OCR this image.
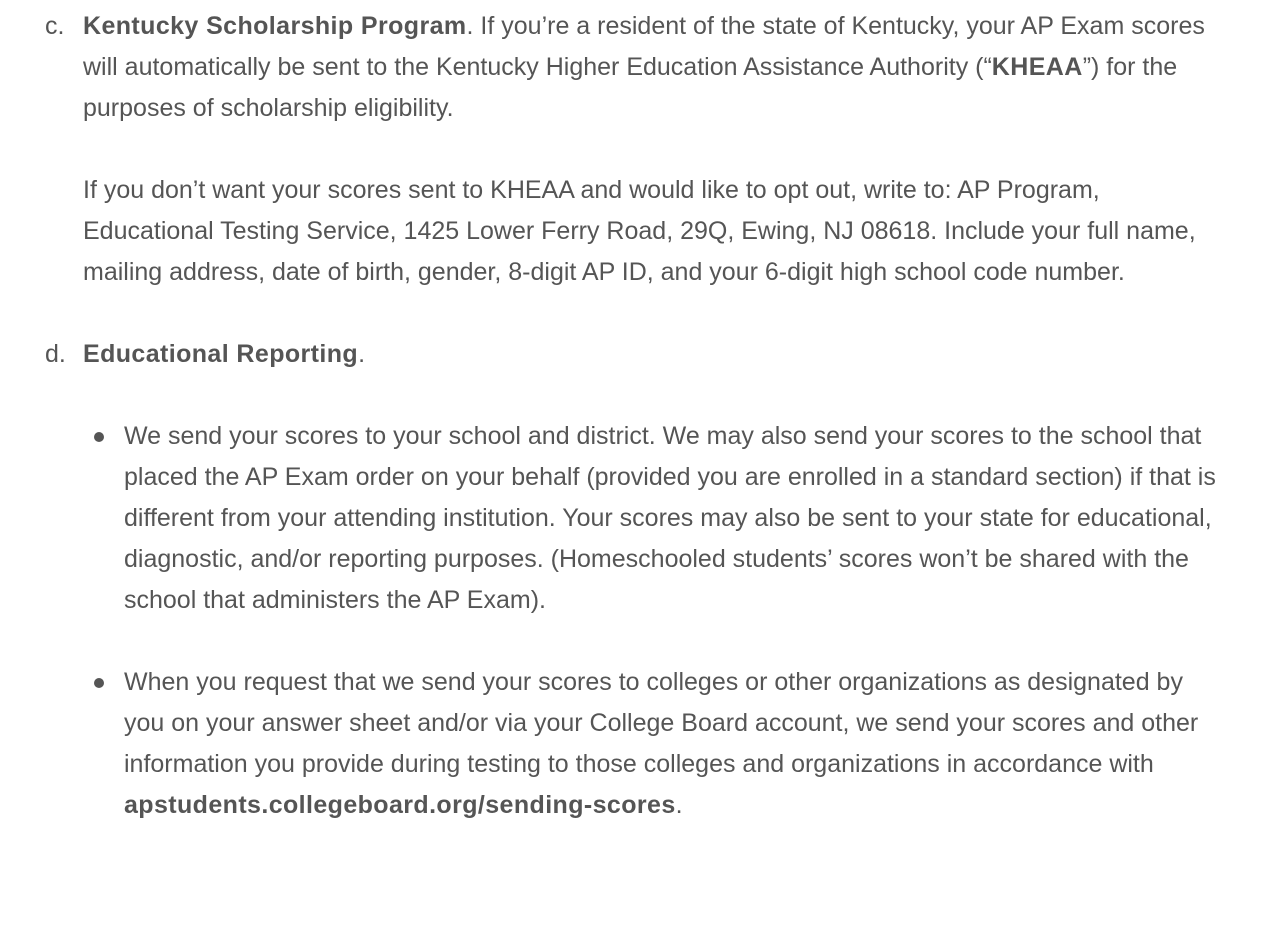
c. Kentucky Scholarship Program. If you’re a resident of the state of Kentucky, your AP Exam scores will automatically be sent to the Kentucky Higher Education Assistance Authority (“KHEAA”) for the purposes of scholarship eligibility.

If you don’t want your scores sent to KHEAA and would like to opt out, write to: AP Program, Educational Testing Service, 1425 Lower Ferry Road, 29Q, Ewing, NJ 08618. Include your full name, mailing address, date of birth, gender, 8-digit AP ID, and your 6-digit high school code number.

d. Educational Reporting.

We send your scores to your school and district. We may also send your scores to the school that placed the AP Exam order on your behalf (provided you are enrolled in a standard section) if that is different from your attending institution. Your scores may also be sent to your state for educational, diagnostic, and/or reporting purposes. (Homeschooled students’ scores won’t be shared with the school that administers the AP Exam).
When you request that we send your scores to colleges or other organizations as designated by you on your answer sheet and/or via your College Board account, we send your scores and other information you provide during testing to those colleges and organizations in accordance with apstudents.collegeboard.org/sending-scores.
